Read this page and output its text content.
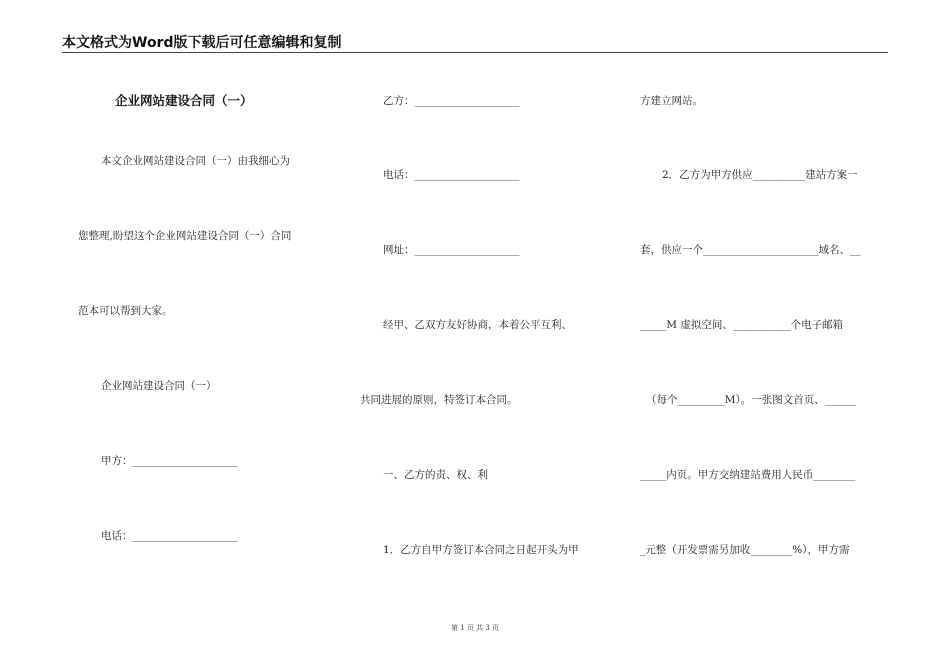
本文格式为Word版下载后可任意编辑和复制
企业网站建设合同（一）
本文企业网站建设合同（一）由我细心为
您整理,盼望这个企业网站建设合同（一）合同
范本可以帮到大家。
企业网站建设合同（一）
甲方：____________________
电话：____________________
乙方：____________________
电话：____________________
网址：____________________
经甲、乙双方友好协商，本着公平互利、
共同进展的原则，特签订本合同。
一、乙方的责、权、利
1．乙方自甲方签订本合同之日起开头为甲
方建立网站。
2．乙方为甲方供应__________建站方案一
套，供应一个______________________域名、__
_____M 虚拟空间、___________个电子邮箱
（每个_________M）。一张图文首页、______
_____内页。甲方交纳建站费用人民币________
_元整（开发票需另加收________%），甲方需
第 1 页 共 3 页
